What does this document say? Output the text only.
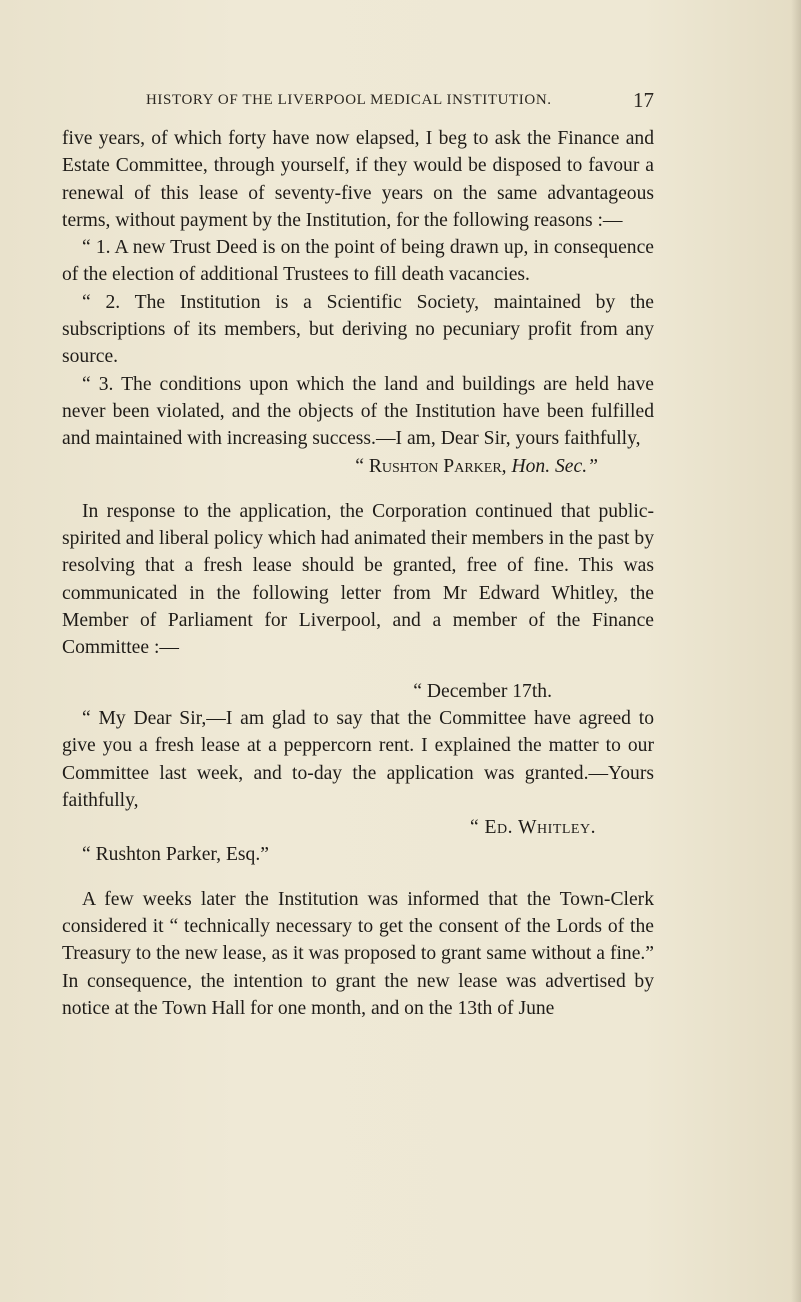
HISTORY OF THE LIVERPOOL MEDICAL INSTITUTION.	17

five years, of which forty have now elapsed, I beg to ask the Finance and Estate Committee, through yourself, if they would be disposed to favour a renewal of this lease of seventy-five years on the same advantageous terms, without payment by the Institution, for the following reasons :—

“ 1. A new Trust Deed is on the point of being drawn up, in consequence of the election of additional Trustees to fill death vacancies.

“ 2. The Institution is a Scientific Society, maintained by the subscriptions of its members, but deriving no pecuniary profit from any source.

“ 3. The conditions upon which the land and buildings are held have never been violated, and the objects of the Institution have been fulfilled and maintained with increasing success.—I am, Dear Sir, yours faithfully,

“ Rushton Parker, Hon. Sec.”

In response to the application, the Corporation continued that public-spirited and liberal policy which had animated their members in the past by resolving that a fresh lease should be granted, free of fine. This was communicated in the following letter from Mr Edward Whitley, the Member of Parliament for Liverpool, and a member of the Finance Committee :—

“ December 17th.

“ My Dear Sir,—I am glad to say that the Committee have agreed to give you a fresh lease at a peppercorn rent. I explained the matter to our Committee last week, and to-day the application was granted.—Yours faithfully,

“ Ed. Whitley.

“ Rushton Parker, Esq.”

A few weeks later the Institution was informed that the Town-Clerk considered it “ technically necessary to get the consent of the Lords of the Treasury to the new lease, as it was proposed to grant same without a fine.” In consequence, the intention to grant the new lease was advertised by notice at the Town Hall for one month, and on the 13th of June
